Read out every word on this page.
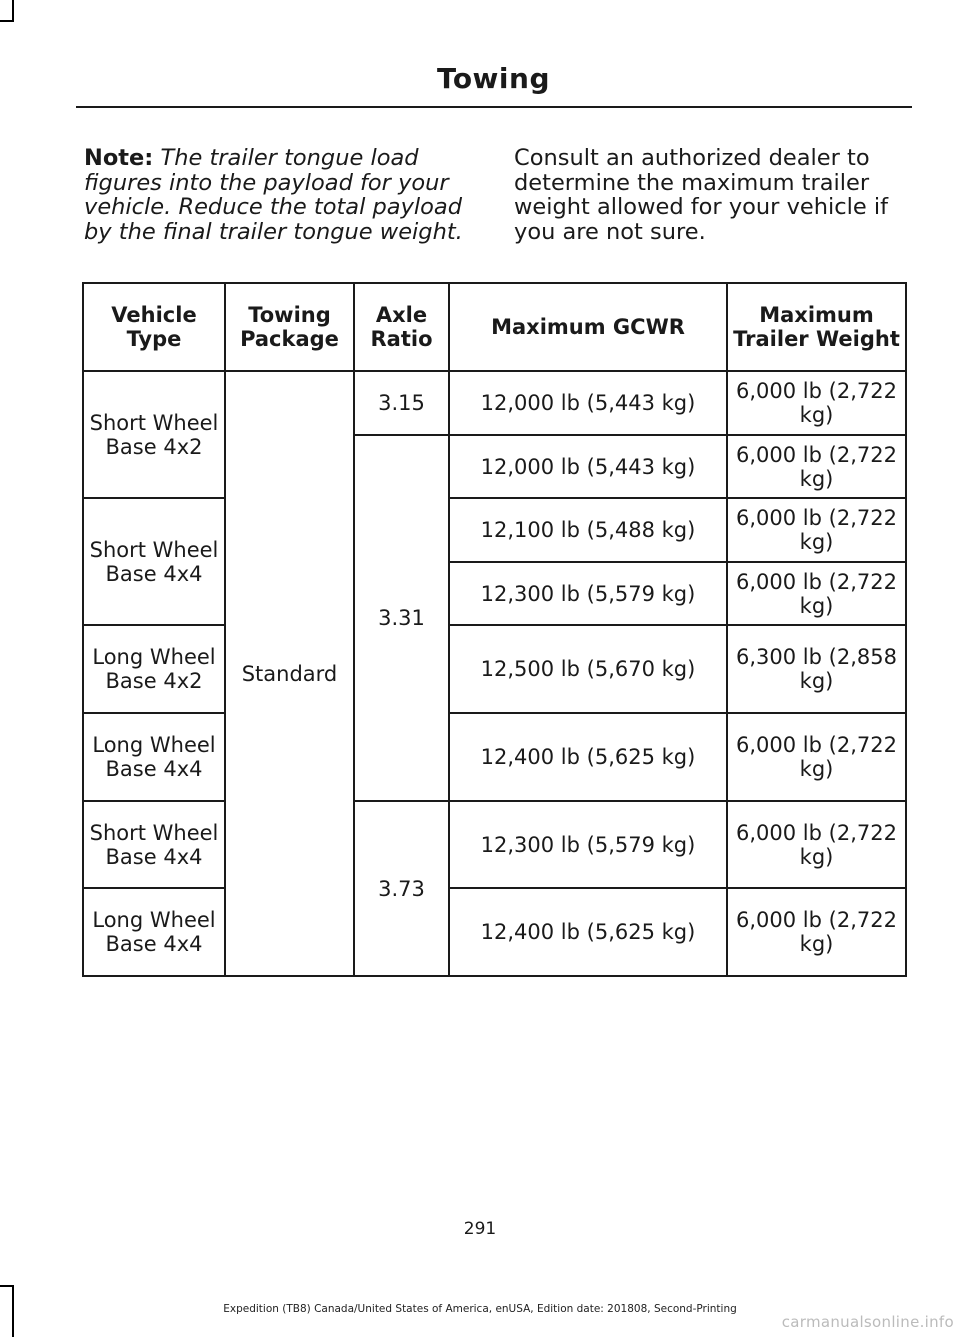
Towing
Note: The trailer tongue load figures into the payload for your vehicle. Reduce the total payload by the final trailer tongue weight.
Consult an authorized dealer to determine the maximum trailer weight allowed for your vehicle if you are not sure.
Vehicle Type	Towing Package	Axle Ratio	Maximum GCWR	Maximum Trailer Weight
Short Wheel Base 4x2	Standard	3.15	12,000 lb (5,443 kg)	6,000 lb (2,722 kg)
		3.31	12,000 lb (5,443 kg)	6,000 lb (2,722 kg)
Short Wheel Base 4x4			12,100 lb (5,488 kg)	6,000 lb (2,722 kg)
			12,300 lb (5,579 kg)	6,000 lb (2,722 kg)
Long Wheel Base 4x2			12,500 lb (5,670 kg)	6,300 lb (2,858 kg)
Long Wheel Base 4x4			12,400 lb (5,625 kg)	6,000 lb (2,722 kg)
Short Wheel Base 4x4		3.73	12,300 lb (5,579 kg)	6,000 lb (2,722 kg)
Long Wheel Base 4x4			12,400 lb (5,625 kg)	6,000 lb (2,722 kg)
291
Expedition (TB8) Canada/United States of America, enUSA, Edition date: 201808, Second-Printing
carmanualsonline.info
